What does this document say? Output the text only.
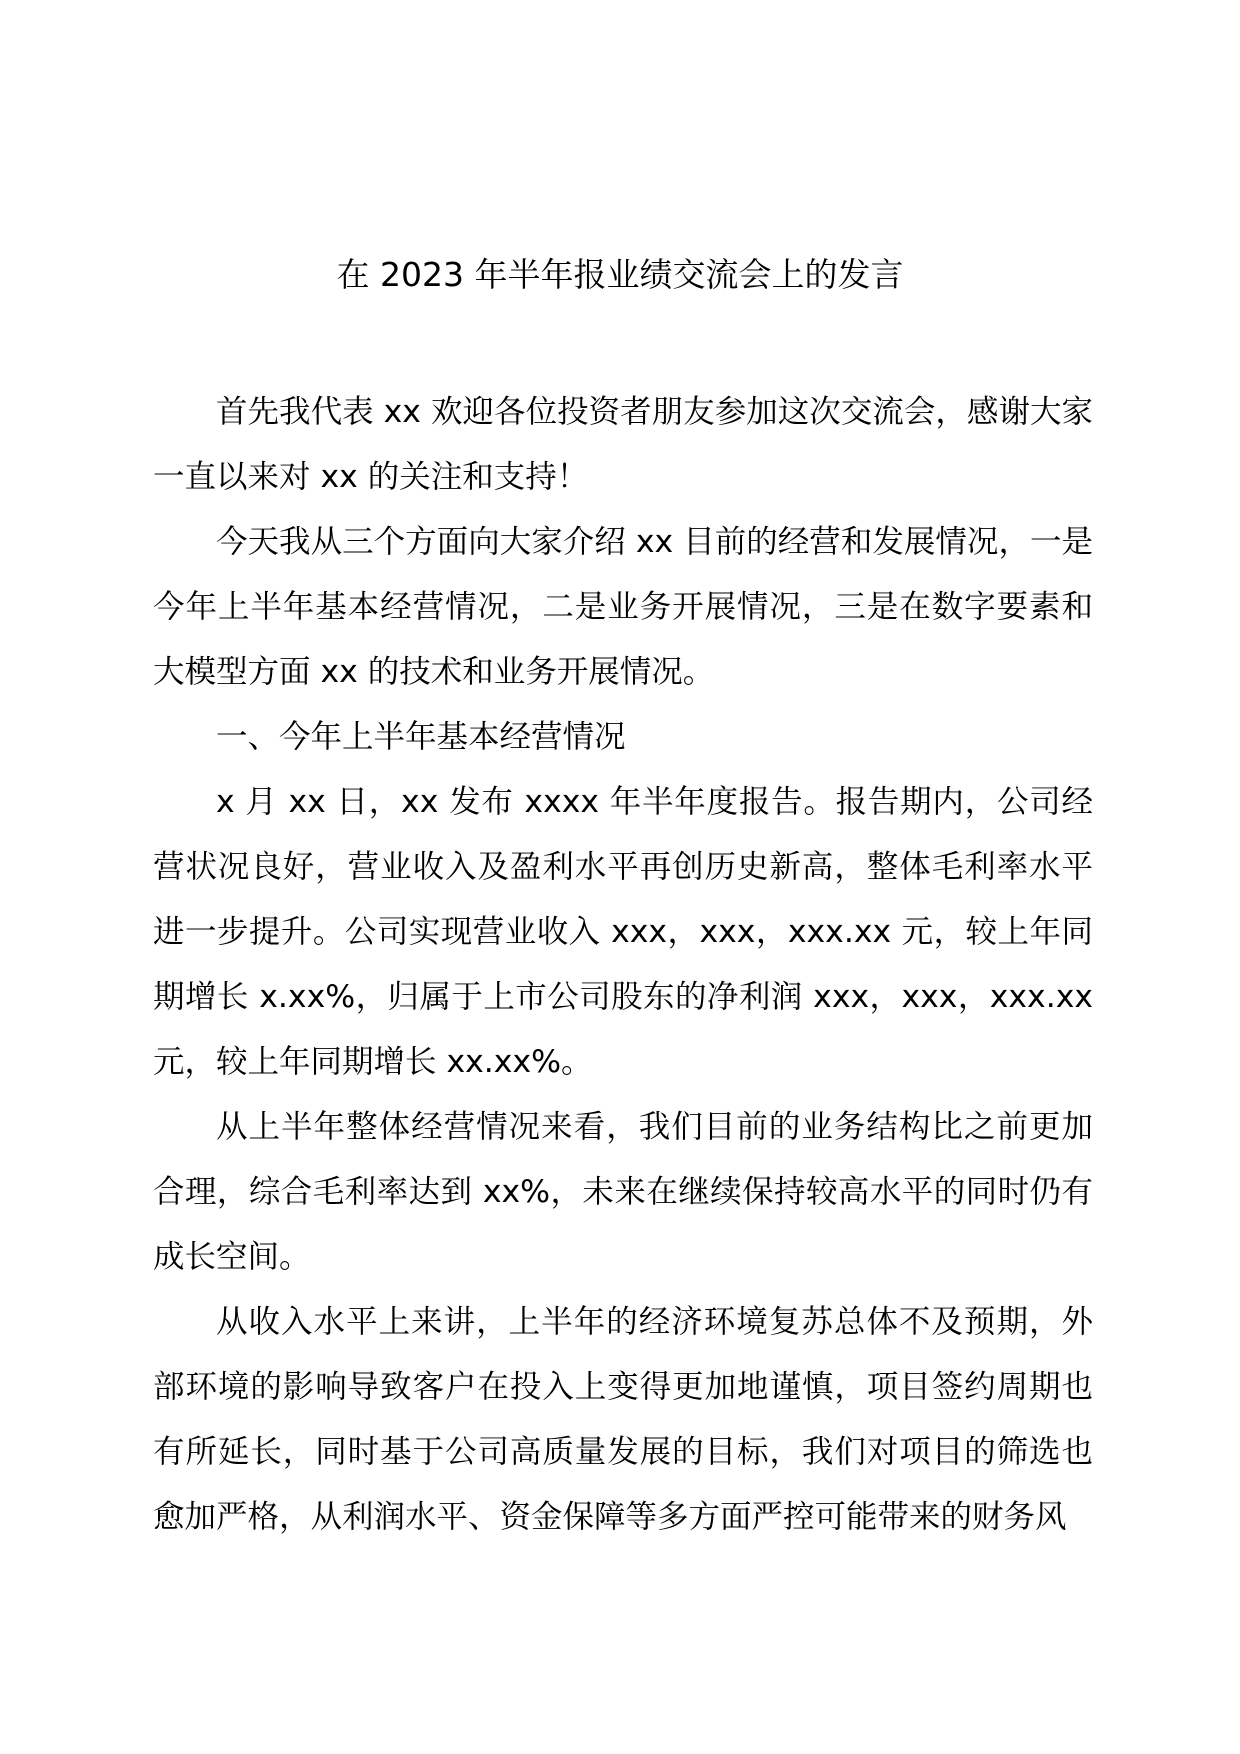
在 2023 年半年报业绩交流会上的发言

首先我代表 xx 欢迎各位投资者朋友参加这次交流会，感谢大家一直以来对 xx 的关注和支持！

今天我从三个方面向大家介绍 xx 目前的经营和发展情况，一是今年上半年基本经营情况，二是业务开展情况，三是在数字要素和大模型方面 xx 的技术和业务开展情况。

一、今年上半年基本经营情况

x 月 xx 日，xx 发布 xxxx 年半年度报告。报告期内，公司经营状况良好，营业收入及盈利水平再创历史新高，整体毛利率水平进一步提升。公司实现营业收入 xxx，xxx，xxx.xx 元，较上年同期增长 x.xx%，归属于上市公司股东的净利润 xxx，xxx，xxx.xx 元，较上年同期增长 xx.xx%。

从上半年整体经营情况来看，我们目前的业务结构比之前更加合理，综合毛利率达到 xx%，未来在继续保持较高水平的同时仍有成长空间。

从收入水平上来讲，上半年的经济环境复苏总体不及预期，外部环境的影响导致客户在投入上变得更加地谨慎，项目签约周期也有所延长，同时基于公司高质量发展的目标，我们对项目的筛选也愈加严格，从利润水平、资金保障等多方面严控可能带来的财务风
